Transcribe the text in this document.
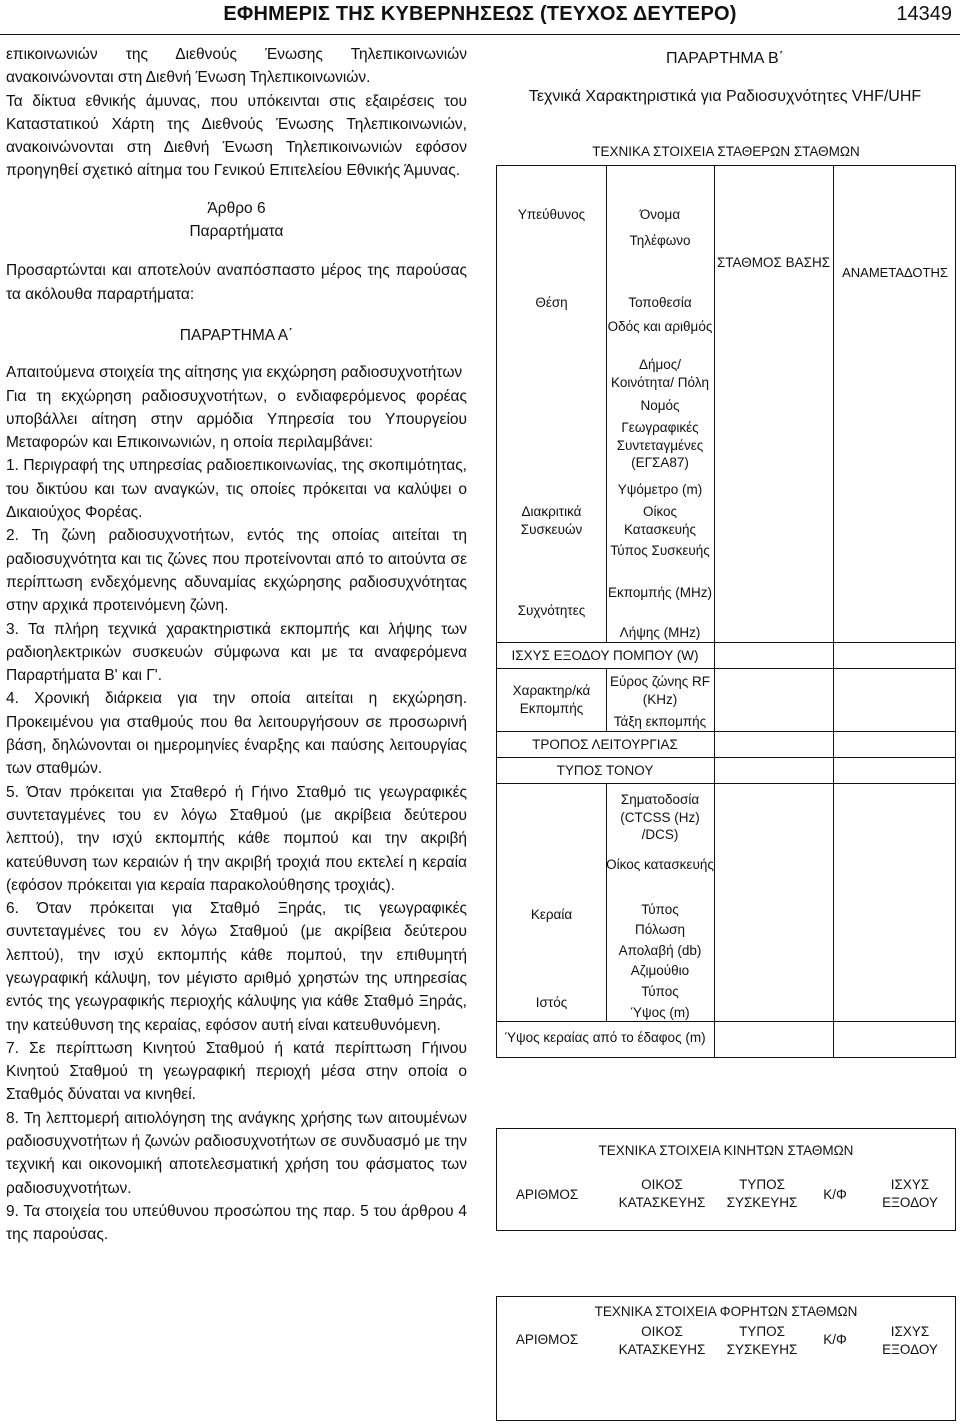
ΕΦΗΜΕΡΙΣ ΤΗΣ ΚΥΒΕΡΝΗΣΕΩΣ (ΤΕΥΧΟΣ ΔΕΥΤΕΡΟ)	14349

επικοινωνιών της Διεθνούς Ένωσης Τηλεπικοινωνιών ανακοινώνονται στη Διεθνή Ένωση Τηλεπικοινωνιών.

Τα δίκτυα εθνικής άμυνας, που υπόκεινται στις εξαιρέσεις του Καταστατικού Χάρτη της Διεθνούς Ένωσης Τηλεπικοινωνιών, ανακοινώνονται στη Διεθνή Ένωση Τηλεπικοινωνιών εφόσον προηγηθεί σχετικό αίτημα του Γενικού Επιτελείου Εθνικής Άμυνας.

Άρθρο 6

Παραρτήματα

Προσαρτώνται και αποτελούν αναπόσπαστο μέρος της παρούσας τα ακόλουθα παραρτήματα:

ΠΑΡΑΡΤΗΜΑ Α΄

Απαιτούμενα στοιχεία της αίτησης για εκχώρηση ραδιοσυχνοτήτων

Για τη εκχώρηση ραδιοσυχνοτήτων, ο ενδιαφερόμενος φορέας υποβάλλει αίτηση στην αρμόδια Υπηρεσία του Υπουργείου Μεταφορών και Επικοινωνιών, η οποία περιλαμβάνει:

1. Περιγραφή της υπηρεσίας ραδιοεπικοινωνίας, της σκοπιμότητας, του δικτύου και των αναγκών, τις οποίες πρόκειται να καλύψει ο Δικαιούχος Φορέας.

2. Τη ζώνη ραδιοσυχνοτήτων, εντός της οποίας αιτείται τη ραδιοσυχνότητα και τις ζώνες που προτείνονται από το αιτούντα σε περίπτωση ενδεχόμενης αδυναμίας εκχώρησης ραδιοσυχνότητας στην αρχικά προτεινόμενη ζώνη.

3. Τα πλήρη τεχνικά χαρακτηριστικά εκπομπής και λήψης των ραδιοηλεκτρικών συσκευών σύμφωνα και με τα αναφερόμενα Παραρτήματα Β' και Γ'.

4. Χρονική διάρκεια για την οποία αιτείται η εκχώρηση. Προκειμένου για σταθμούς που θα λειτουργήσουν σε προσωρινή βάση, δηλώνονται οι ημερομηνίες έναρξης και παύσης λειτουργίας των σταθμών.

5. Όταν πρόκειται για Σταθερό ή Γήινο Σταθμό τις γεωγραφικές συντεταγμένες του εν λόγω Σταθμού (με ακρίβεια δεύτερου λεπτού), την ισχύ εκπομπής κάθε πομπού και την ακριβή κατεύθυνση των κεραιών ή την ακριβή τροχιά που εκτελεί η κεραία (εφόσον πρόκειται για κεραία παρακολούθησης τροχιάς).

6. Όταν πρόκειται για Σταθμό Ξηράς, τις γεωγραφικές συντεταγμένες του εν λόγω Σταθμού (με ακρίβεια δεύτερου λεπτού), την ισχύ εκπομπής κάθε πομπού, την επιθυμητή γεωγραφική κάλυψη, τον μέγιστο αριθμό χρηστών της υπηρεσίας εντός της γεωγραφικής περιοχής κάλυψης για κάθε Σταθμό Ξηράς, την κατεύθυνση της κεραίας, εφόσον αυτή είναι κατευθυνόμενη.

7. Σε περίπτωση Κινητού Σταθμού ή κατά περίπτωση Γήινου Κινητού Σταθμού τη γεωγραφική περιοχή μέσα στην οποία ο Σταθμός δύναται να κινηθεί.

8. Τη λεπτομερή αιτιολόγηση της ανάγκης χρήσης των αιτουμένων ραδιοσυχνοτήτων ή ζωνών ραδιοσυχνοτήτων σε συνδυασμό με την τεχνική και οικονομική αποτελεσματική χρήση του φάσματος των ραδιοσυχνοτήτων.

9. Τα στοιχεία του υπεύθυνου προσώπου της παρ. 5 του άρθρου 4 της παρούσας.

ΠΑΡΑΡΤΗΜΑ Β΄
Τεχνικά Χαρακτηριστικά για Ραδιοσυχνότητες VHF/UHF
ΤΕΧΝΙΚΑ ΣΤΟΙΧΕΙΑ ΣΤΑΘΕΡΩΝ ΣΤΑΘΜΩΝ
ΣΤΑΘΜΟΣ ΒΑΣΗΣ
ΑΝΑΜΕΤΑΔΟΤΗΣ
Υπεύθυνος
Θέση
Διακριτικά Συσκευών
Συχνότητες
Χαρακτηρ/κά Εκπομπής
Κεραία
Ιστός
Όνομα
Τηλέφωνο
Τοποθεσία
Οδός και αριθμός
Δήμος/ Κοινότητα/ Πόλη
Νομός
Γεωγραφικές Συντεταγμένες (ΕΓΣΑ87)
Υψόμετρο (m)
Οίκος Κατασκευής
Τύπος Συσκευής
Εκπομπής (MHz)
Λήψης (MHz)
ΙΣΧΥΣ ΕΞΟΔΟΥ ΠΟΜΠΟΥ (W)
Εύρος ζώνης RF (KHz)
Τάξη εκπομπής
ΤΡΟΠΟΣ ΛΕΙΤΟΥΡΓΙΑΣ
ΤΥΠΟΣ ΤΟΝΟΥ
Σηματοδοσία (CTCSS (Hz) /DCS)
Οίκος κατασκευής
Τύπος
Πόλωση
Απολαβή (db)
Αζιμούθιο
Τύπος
Ύψος (m)
Ύψος κεραίας από το έδαφος (m)
ΤΕΧΝΙΚΑ ΣΤΟΙΧΕΙΑ ΚΙΝΗΤΩΝ ΣΤΑΘΜΩΝ
ΑΡΙΘΜΟΣ
ΟΙΚΟΣ ΚΑΤΑΣΚΕΥΗΣ
ΤΥΠΟΣ ΣΥΣΚΕΥΗΣ	Κ/Φ
ΙΣΧΥΣ ΕΞΟΔΟΥ
ΤΕΧΝΙΚΑ ΣΤΟΙΧΕΙΑ ΦΟΡΗΤΩΝ ΣΤΑΘΜΩΝ
ΑΡΙΘΜΟΣ
ΟΙΚΟΣ ΚΑΤΑΣΚΕΥΗΣ
ΤΥΠΟΣ ΣΥΣΚΕΥΗΣ
Κ/Φ
ΙΣΧΥΣ ΕΞΟΔΟΥ
